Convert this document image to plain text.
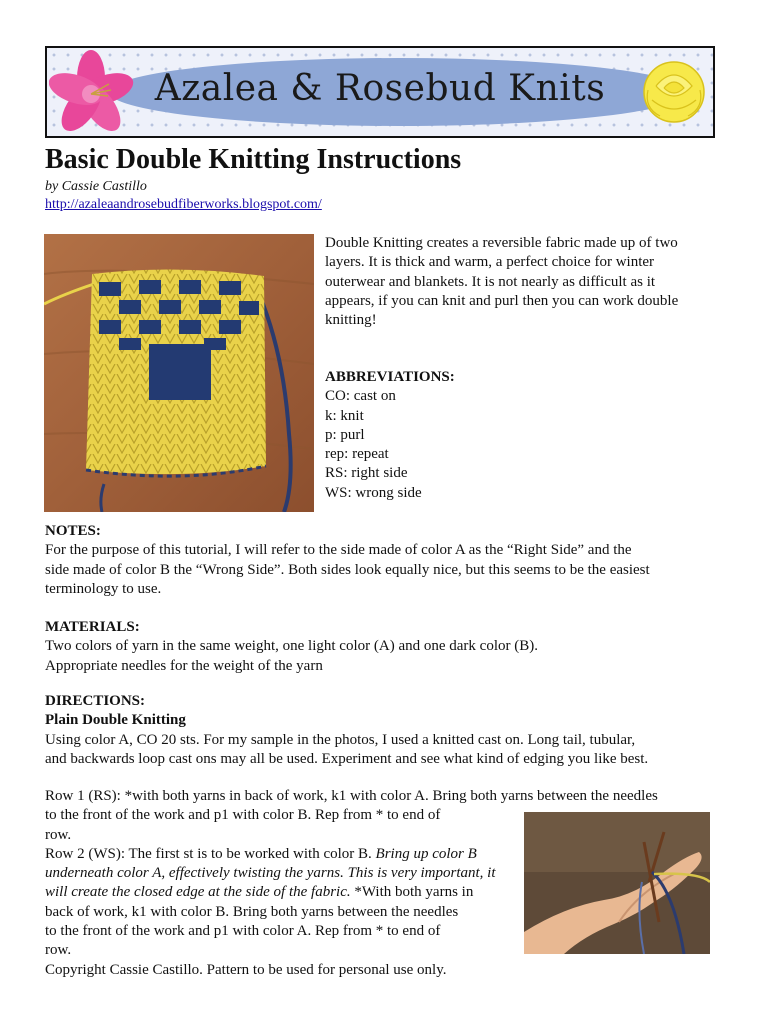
Azalea & Rosebud Knits
Basic Double Knitting Instructions
by Cassie Castillo
http://azaleaandrosebudfiberworks.blogspot.com/

Double Knitting creates a reversible fabric made up of two

layers. It is thick and warm, a perfect choice for winter

outerwear and blankets. It is not nearly as difficult as it

appears, if you can knit and purl then you can work double

knitting!

ABBREVIATIONS:

CO: cast on

k: knit

p: purl

rep: repeat

RS: right side

WS: wrong side

NOTES:

For the purpose of this tutorial, I will refer to the side made of color A as the “Right Side” and the

side made of color B the “Wrong Side”. Both sides look equally nice, but this seems to be the easiest

terminology to use.

MATERIALS:

Two colors of yarn in the same weight, one light color (A) and one dark color (B).

Appropriate needles for the weight of the yarn

DIRECTIONS:

Plain Double Knitting

Using color A, CO 20 sts. For my sample in the photos, I used a knitted cast on. Long tail, tubular,

and backwards loop cast ons may all be used. Experiment and see what kind of edging you like best.

Row 1 (RS): *with both yarns in back of work, k1 with color A. Bring both yarns between the needles

to the front of the work and p1 with color B. Rep from * to end of

row.

Row 2 (WS): The first st is to be worked with color B. Bring up color B

underneath color A, effectively twisting the yarns. This is very important, it

will create the closed edge at the side of the fabric. *With both yarns in

back of work, k1 with color B. Bring both yarns between the needles

to the front of the work and p1 with color A. Rep from * to end of

row.

Copyright Cassie Castillo. Pattern to be used for personal use only.
